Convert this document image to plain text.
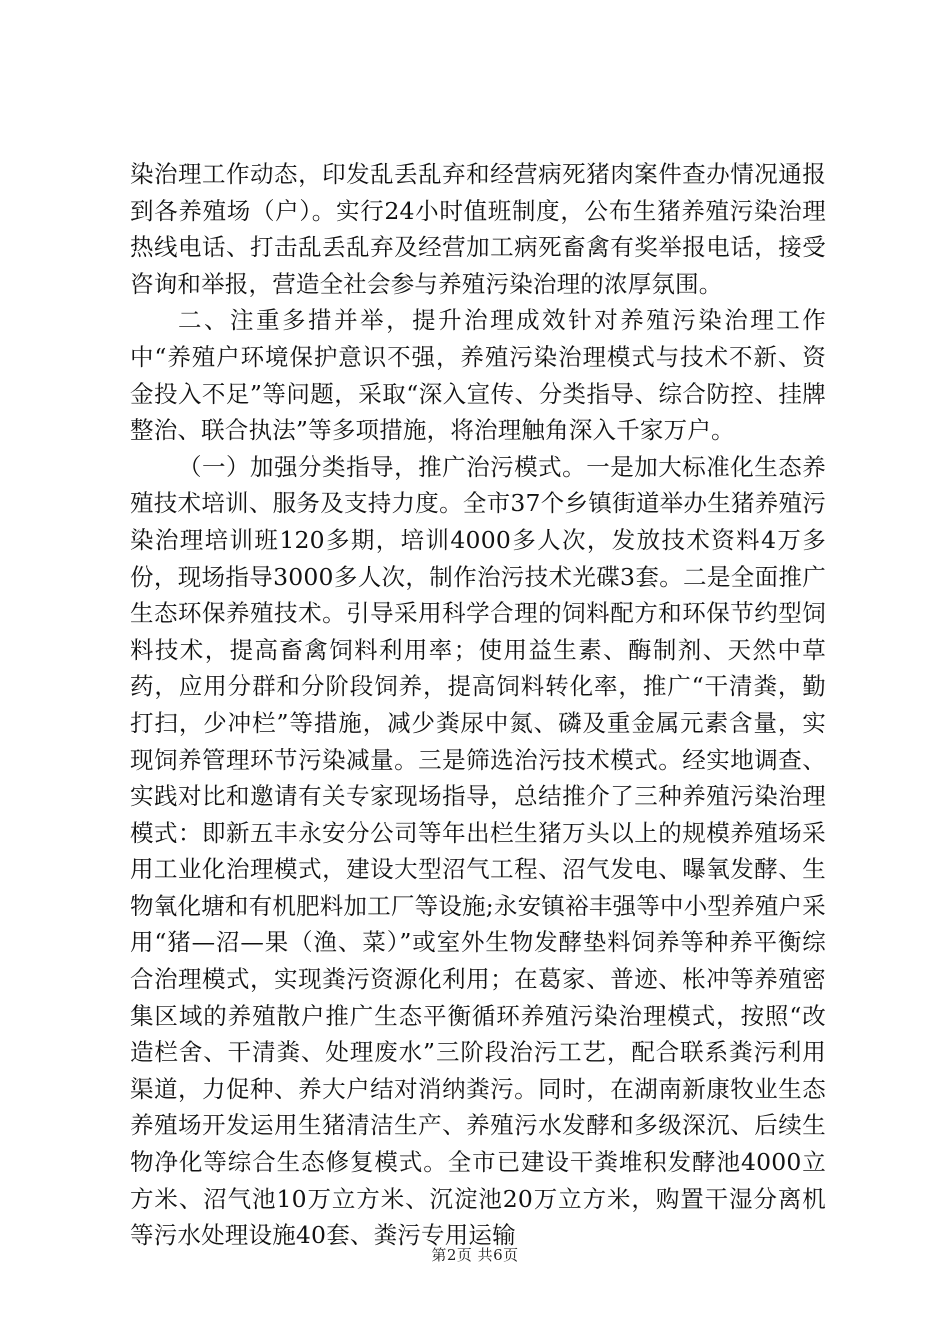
染治理工作动态，印发乱丢乱弃和经营病死猪肉案件查办情况通报到各养殖场（户）。实行24小时值班制度，公布生猪养殖污染治理热线电话、打击乱丢乱弃及经营加工病死畜禽有奖举报电话，接受咨询和举报，营造全社会参与养殖污染治理的浓厚氛围。

二、注重多措并举，提升治理成效针对养殖污染治理工作中“养殖户环境保护意识不强，养殖污染治理模式与技术不新、资金投入不足”等问题，采取“深入宣传、分类指导、综合防控、挂牌整治、联合执法”等多项措施，将治理触角深入千家万户。

（一）加强分类指导，推广治污模式。一是加大标准化生态养殖技术培训、服务及支持力度。全市37个乡镇街道举办生猪养殖污染治理培训班120多期，培训4000多人次，发放技术资料4万多份，现场指导3000多人次，制作治污技术光碟3套。二是全面推广生态环保养殖技术。引导采用科学合理的饲料配方和环保节约型饲料技术，提高畜禽饲料利用率；使用益生素、酶制剂、天然中草药，应用分群和分阶段饲养，提高饲料转化率，推广“干清粪，勤打扫，少冲栏”等措施，减少粪尿中氮、磷及重金属元素含量，实现饲养管理环节污染减量。三是筛选治污技术模式。经实地调查、实践对比和邀请有关专家现场指导，总结推介了三种养殖污染治理模式：即新五丰永安分公司等年出栏生猪万头以上的规模养殖场采用工业化治理模式，建设大型沼气工程、沼气发电、曝氧发酵、生物氧化塘和有机肥料加工厂等设施;永安镇裕丰强等中小型养殖户采用“猪—沼—果（渔、菜）”或室外生物发酵垫料饲养等种养平衡综合治理模式，实现粪污资源化利用；在葛家、普迹、枨冲等养殖密集区域的养殖散户推广生态平衡循环养殖污染治理模式，按照“改造栏舍、干清粪、处理废水”三阶段治污工艺，配合联系粪污利用渠道，力促种、养大户结对消纳粪污。同时，在湖南新康牧业生态养殖场开发运用生猪清洁生产、养殖污水发酵和多级深沉、后续生物净化等综合生态修复模式。全市已建设干粪堆积发酵池4000立方米、沼气池10万立方米、沉淀池20万立方米，购置干湿分离机等污水处理设施40套、粪污专用运输

第2页 共6页
